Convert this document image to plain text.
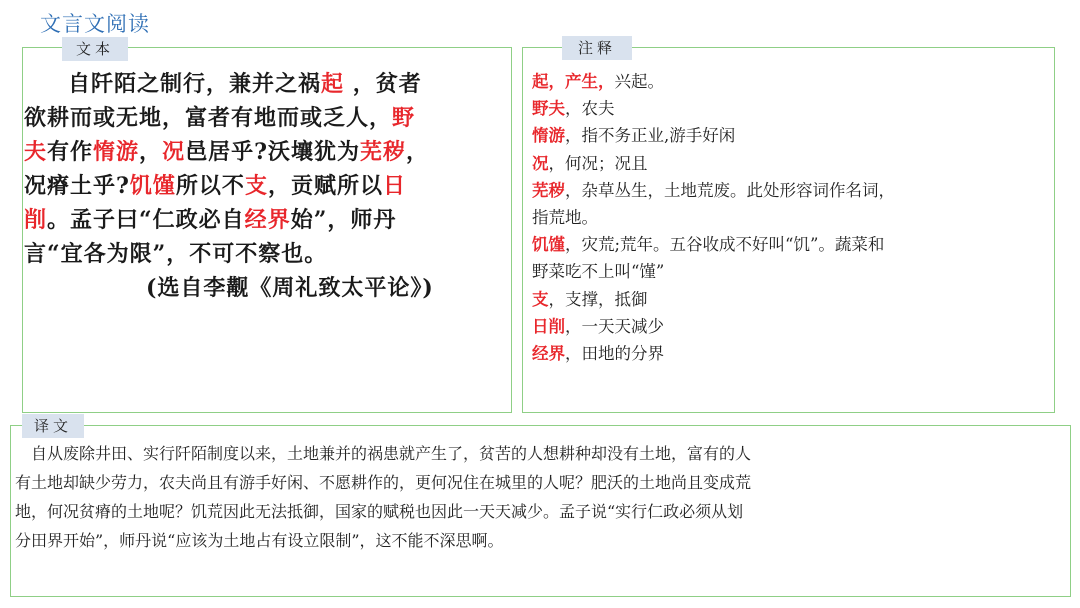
文言文阅读
文本
自阡陌之制行，兼并之祸起 ，贫者
欲耕而或无地，富者有地而或乏人，野
夫有作惰游，况邑居乎?沃壤犹为芜秽，
况瘠土乎?饥馑所以不支，贡赋所以日
削。孟子曰“仁政必自经界始”，师丹
言“宜各为限”，不可不察也。
(选自李觏《周礼致太平论》)
注释
起，产生，兴起。
野夫，农夫
惰游，指不务正业,游手好闲
况，何况；况且
芜秽，杂草丛生，土地荒废。此处形容词作名词，
指荒地。
饥馑，灾荒;荒年。五谷收成不好叫“饥”。蔬菜和
野菜吃不上叫“馑”
支，支撑，抵御
日削，一天天减少
经界，田地的分界
译文
　自从废除井田、实行阡陌制度以来，土地兼并的祸患就产生了，贫苦的人想耕种却没有土地，富有的人
有土地却缺少劳力，农夫尚且有游手好闲、不愿耕作的，更何况住在城里的人呢？肥沃的土地尚且变成荒
地，何况贫瘠的土地呢？饥荒因此无法抵御，国家的赋税也因此一天天减少。孟子说“实行仁政必须从划
分田界开始”，师丹说“应该为土地占有设立限制”，这不能不深思啊。
